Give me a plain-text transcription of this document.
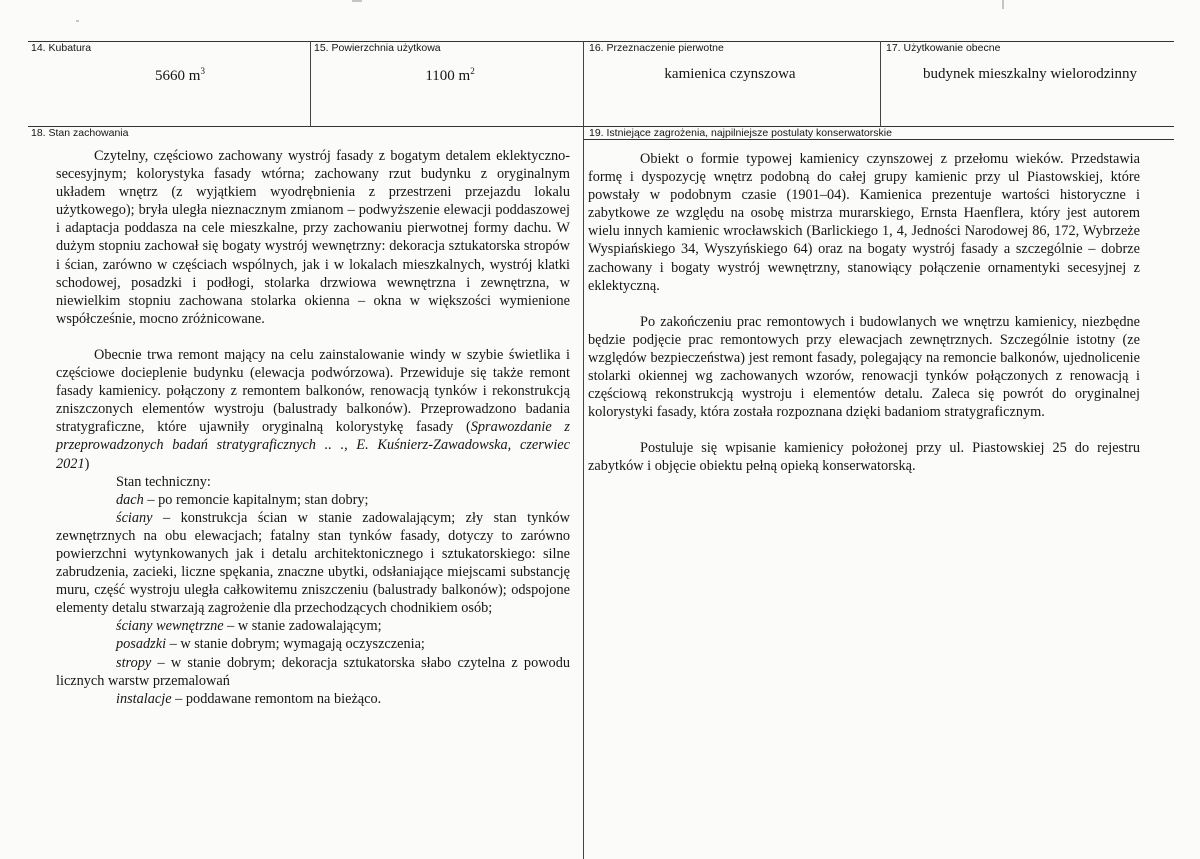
14. Kubatura
5660 $m^3$
15. Powierzchnia użytkowa
1100 $m^2$
16. Przeznaczenie pierwotne
kamienica czynszowa
17. Użytkowanie obecne
budynek mieszkalny wielorodzinny
18. Stan zachowania

Czytelny, częściowo zachowany wystrój fasady z bogatym detalem eklektyczno-secesyjnym; kolorystyka fasady wtórna; zachowany rzut budynku z oryginalnym układem wnętrz (z wyjątkiem wyodrębnienia z przestrzeni przejazdu lokalu użytkowego); bryła uległa nieznacznym zmianom – podwyższenie elewacji poddaszowej i adaptacja poddasza na cele mieszkalne, przy zachowaniu pierwotnej formy dachu. W dużym stopniu zachował się bogaty wystrój wewnętrzny: dekoracja sztukatorska stropów i ścian, zarówno w częściach wspólnych, jak i w lokalach mieszkalnych, wystrój klatki schodowej, posadzki i podłogi, stolarka drzwiowa wewnętrzna i zewnętrzna, w niewielkim stopniu zachowana stolarka okienna – okna w większości wymienione współcześnie, mocno zróżnicowane.

Obecnie trwa remont mający na celu zainstalowanie windy w szybie świetlika i częściowe docieplenie budynku (elewacja podwórzowa). Przewiduje się także remont fasady kamienicy. połączony z remontem balkonów, renowacją tynków i rekonstrukcją zniszczonych elementów wystroju (balustrady balkonów). Przeprowadzono badania stratygraficzne, które ujawniły oryginalną kolorystykę fasady (Sprawozdanie z przeprowadzonych badań stratygraficznych .. ., E. Kuśnierz-Zawadowska, czerwiec 2021)

Stan techniczny:

dach – po remoncie kapitalnym; stan dobry;

ściany – konstrukcja ścian w stanie zadowalającym; zły stan tynków zewnętrznych na obu elewacjach; fatalny stan tynków fasady, dotyczy to zarówno powierzchni wytynkowanych jak i detalu architektonicznego i sztukatorskiego: silne zabrudzenia, zacieki, liczne spękania, znaczne ubytki, odsłaniające miejscami substancję muru, część wystroju uległa całkowitemu zniszczeniu (balustrady balkonów); odspojone elementy detalu stwarzają zagrożenie dla przechodzących chodnikiem osób;

ściany wewnętrzne – w stanie zadowalającym;

posadzki – w stanie dobrym; wymagają oczyszczenia;

stropy – w stanie dobrym; dekoracja sztukatorska słabo czytelna z powodu licznych warstw przemalowań

instalacje – poddawane remontom na bieżąco.

19. Istniejące zagrożenia, najpilniejsze postulaty konserwatorskie

Obiekt o formie typowej kamienicy czynszowej z przełomu wieków. Przedstawia formę i dyspozycję wnętrz podobną do całej grupy kamienic przy ul Piastowskiej, które powstały w podobnym czasie (1901–04). Kamienica prezentuje wartości historyczne i zabytkowe ze względu na osobę mistrza murarskiego, Ernsta Haenflera, który jest autorem wielu innych kamienic wrocławskich (Barlickiego 1, 4, Jedności Narodowej 86, 172, Wybrzeże Wyspiańskiego 34, Wyszyńskiego 64) oraz na bogaty wystrój fasady a szczególnie – dobrze zachowany i bogaty wystrój wewnętrzny, stanowiący połączenie ornamentyki secesyjnej z eklektyczną.

Po zakończeniu prac remontowych i budowlanych we wnętrzu kamienicy, niezbędne będzie podjęcie prac remontowych przy elewacjach zewnętrznych. Szczególnie istotny (ze względów bezpieczeństwa) jest remont fasady, polegający na remoncie balkonów, ujednolicenie stolarki okiennej wg zachowanych wzorów, renowacji tynków połączonych z renowacją i częściową rekonstrukcją wystroju i elementów detalu. Zaleca się powrót do oryginalnej kolorystyki fasady, która została rozpoznana dzięki badaniom stratygraficznym.

Postuluje się wpisanie kamienicy położonej przy ul. Piastowskiej 25 do rejestru zabytków i objęcie obiektu pełną opieką konserwatorską.
